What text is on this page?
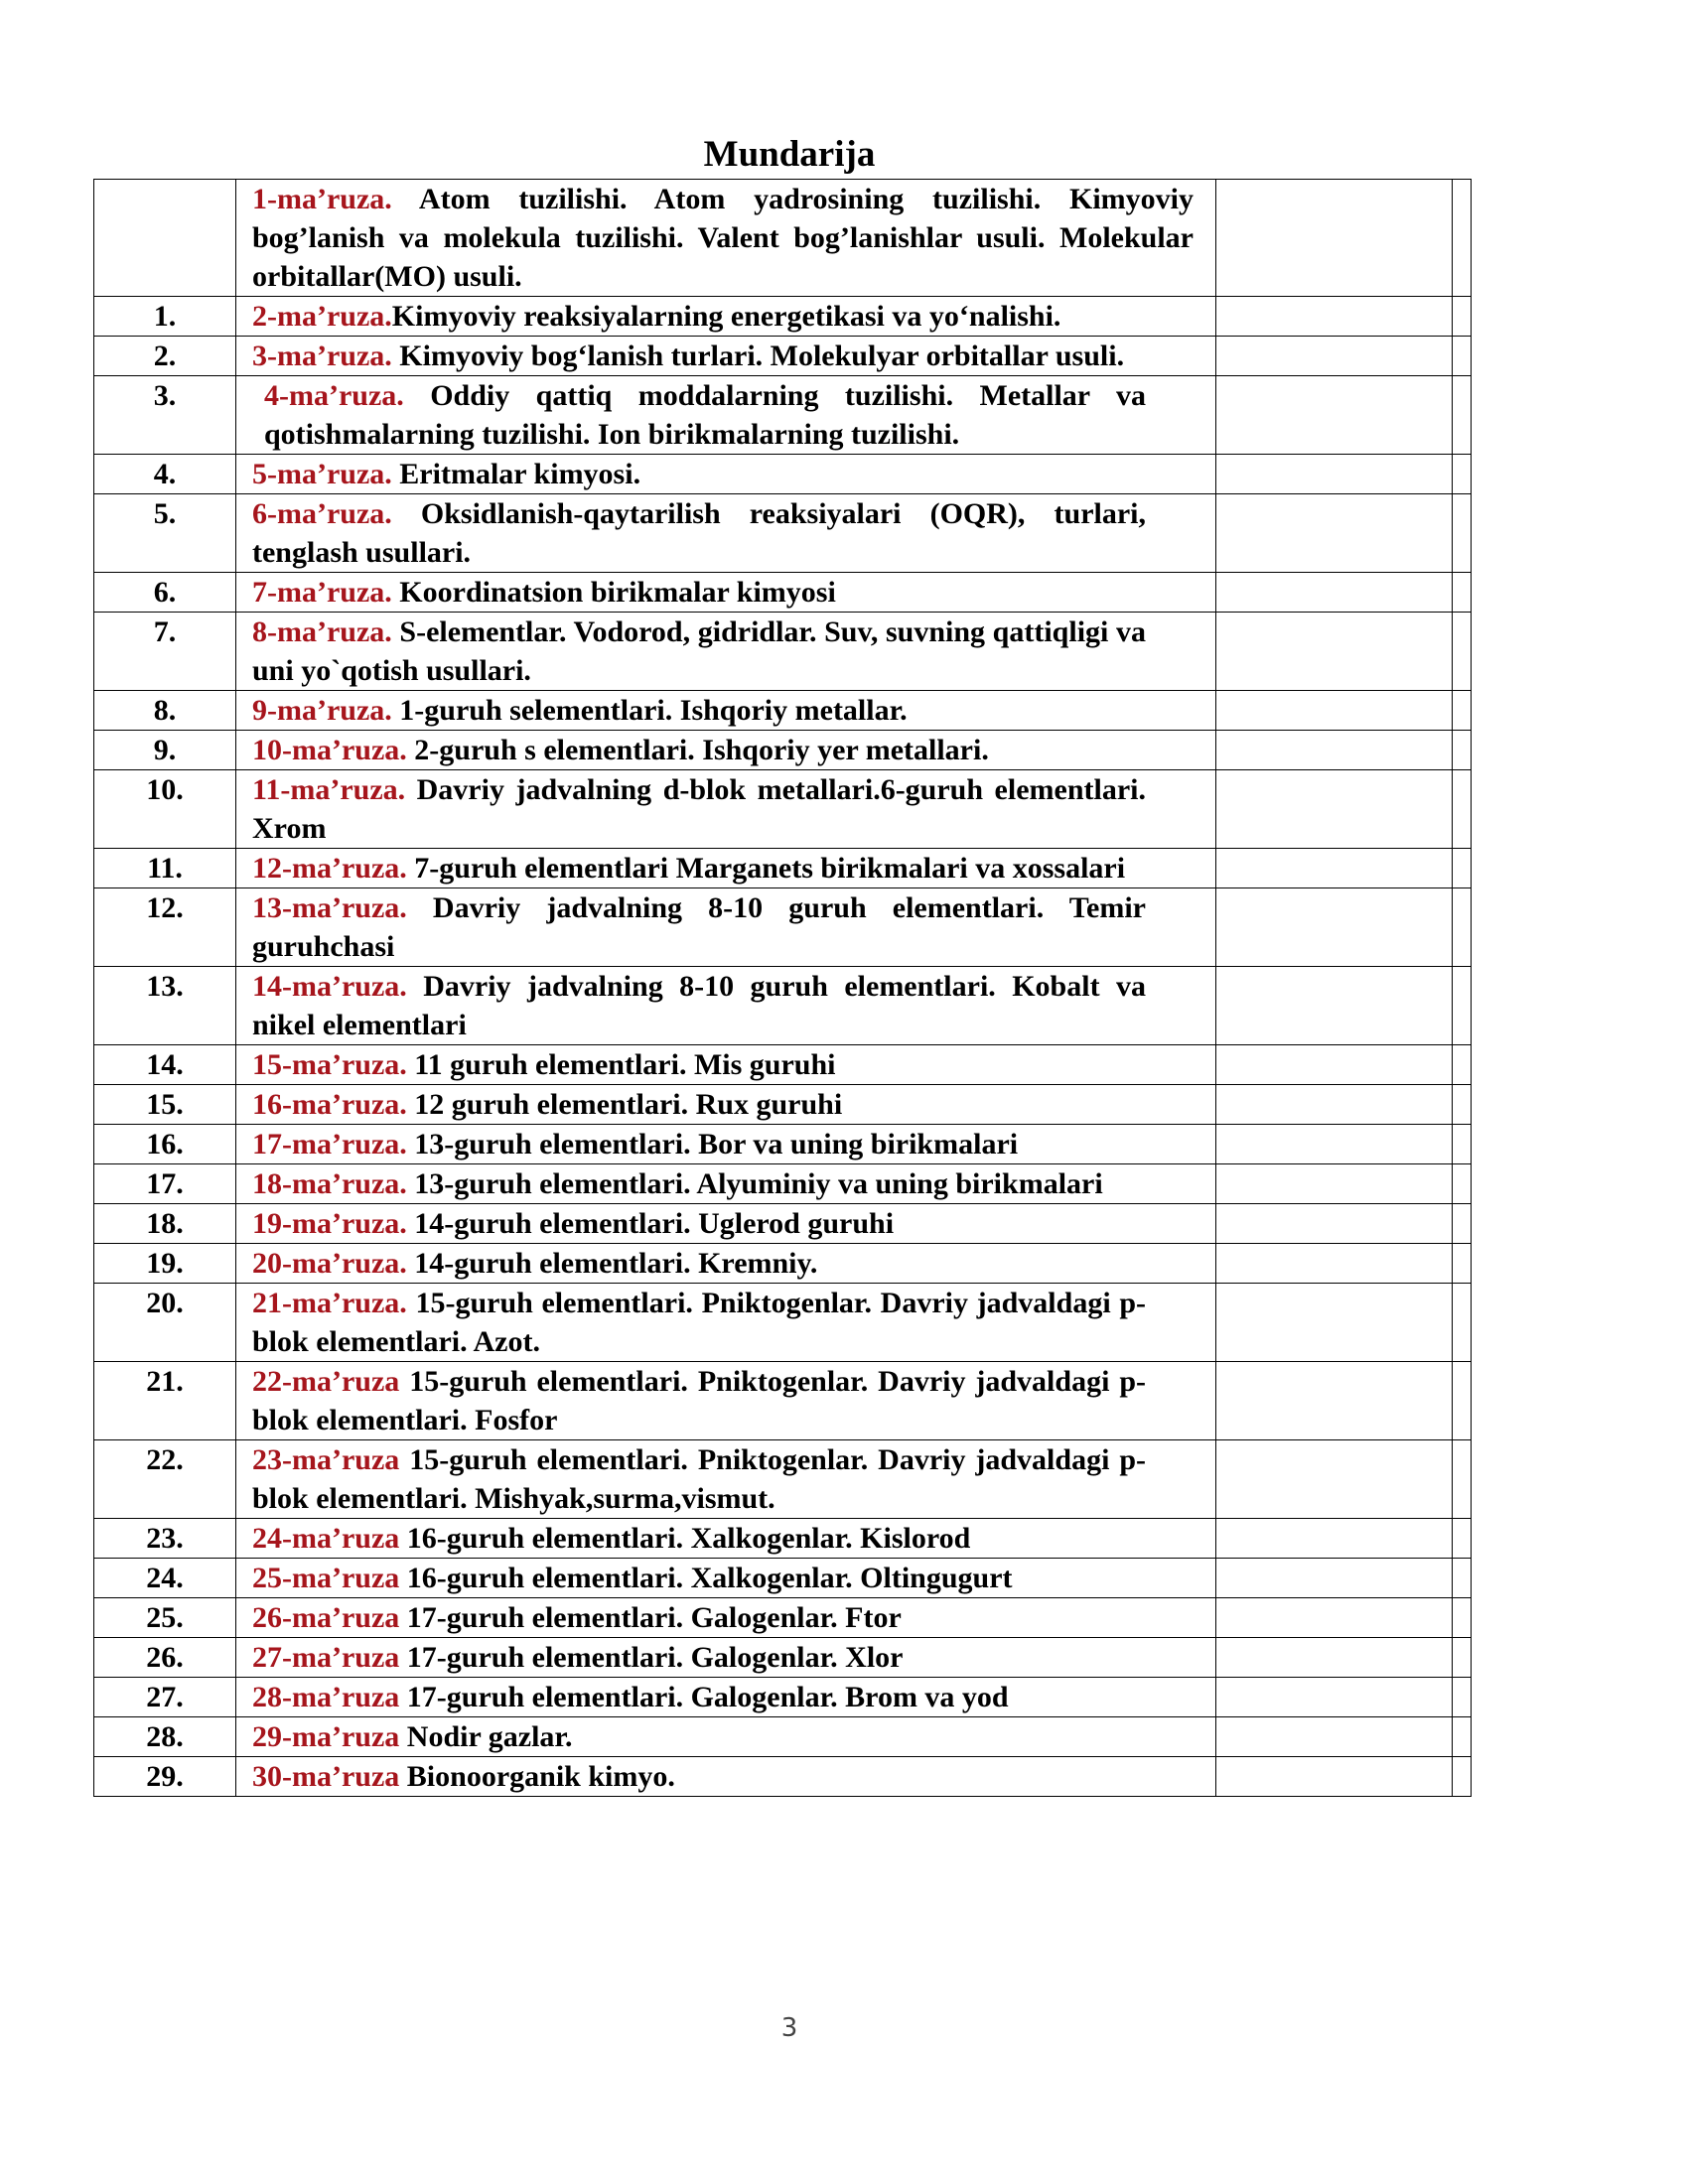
Mundarija

	1-ma’ruza. Atom tuzilishi. Atom yadrosining tuzilishi. Kimyoviy bog’lanish va molekula tuzilishi. Valent bog’lanishlar usuli. Molekular orbitallar(MO) usuli.		

1.	2-ma’ruza.Kimyoviy reaksiyalarning energetikasi va yo‘nalishi.		

2.	3-ma’ruza. Kimyoviy bog‘lanish turlari. Molekulyar orbitallar usuli.		

3.	4-ma’ruza. Oddiy qattiq moddalarning tuzilishi. Metallar va qotishmalarning tuzilishi. Ion birikmalarning tuzilishi.		

4.	5-ma’ruza. Eritmalar kimyosi.		

5.	6-ma’ruza. Oksidlanish-qaytarilish reaksiyalari (OQR), turlari, tenglash usullari.		

6.	7-ma’ruza. Koordinatsion birikmalar kimyosi		

7.	8-ma’ruza. S-elementlar. Vodorod, gidridlar. Suv, suvning qattiqligi va uni yo`qotish usullari.		

8.	9-ma’ruza. 1-guruh selementlari. Ishqoriy metallar.		

9.	10-ma’ruza. 2-guruh s elementlari. Ishqoriy yer metallari.		

10.	11-ma’ruza. Davriy jadvalning d-blok metallari.6-guruh elementlari. Xrom		

11.	12-ma’ruza. 7-guruh elementlari Marganets birikmalari va xossalari		

12.	13-ma’ruza. Davriy jadvalning 8-10 guruh elementlari. Temir guruhchasi		

13.	14-ma’ruza. Davriy jadvalning 8-10 guruh elementlari. Kobalt va nikel elementlari		

14.	15-ma’ruza. 11 guruh elementlari. Mis guruhi		

15.	16-ma’ruza. 12 guruh elementlari. Rux guruhi		

16.	17-ma’ruza. 13-guruh elementlari. Bor va uning birikmalari		

17.	18-ma’ruza. 13-guruh elementlari. Alyuminiy va uning birikmalari		

18.	19-ma’ruza. 14-guruh elementlari. Uglerod guruhi		

19.	20-ma’ruza. 14-guruh elementlari. Kremniy.		

20.	21-ma’ruza. 15-guruh elementlari. Pniktogenlar. Davriy jadvaldagi p-blok elementlari. Azot.		

21.	22-ma’ruza 15-guruh elementlari. Pniktogenlar. Davriy jadvaldagi p-blok elementlari. Fosfor		

22.	23-ma’ruza 15-guruh elementlari. Pniktogenlar. Davriy jadvaldagi p-blok elementlari. Mishyak,surma,vismut.		

23.	24-ma’ruza 16-guruh elementlari. Xalkogenlar. Kislorod		

24.	25-ma’ruza 16-guruh elementlari. Xalkogenlar. Oltingugurt		

25.	26-ma’ruza 17-guruh elementlari. Galogenlar. Ftor		

26.	27-ma’ruza 17-guruh elementlari. Galogenlar. Xlor		

27.	28-ma’ruza 17-guruh elementlari. Galogenlar. Brom va yod		

28.	29-ma’ruza Nodir gazlar.		

29.	30-ma’ruza Bionoorganik kimyo.		

3
